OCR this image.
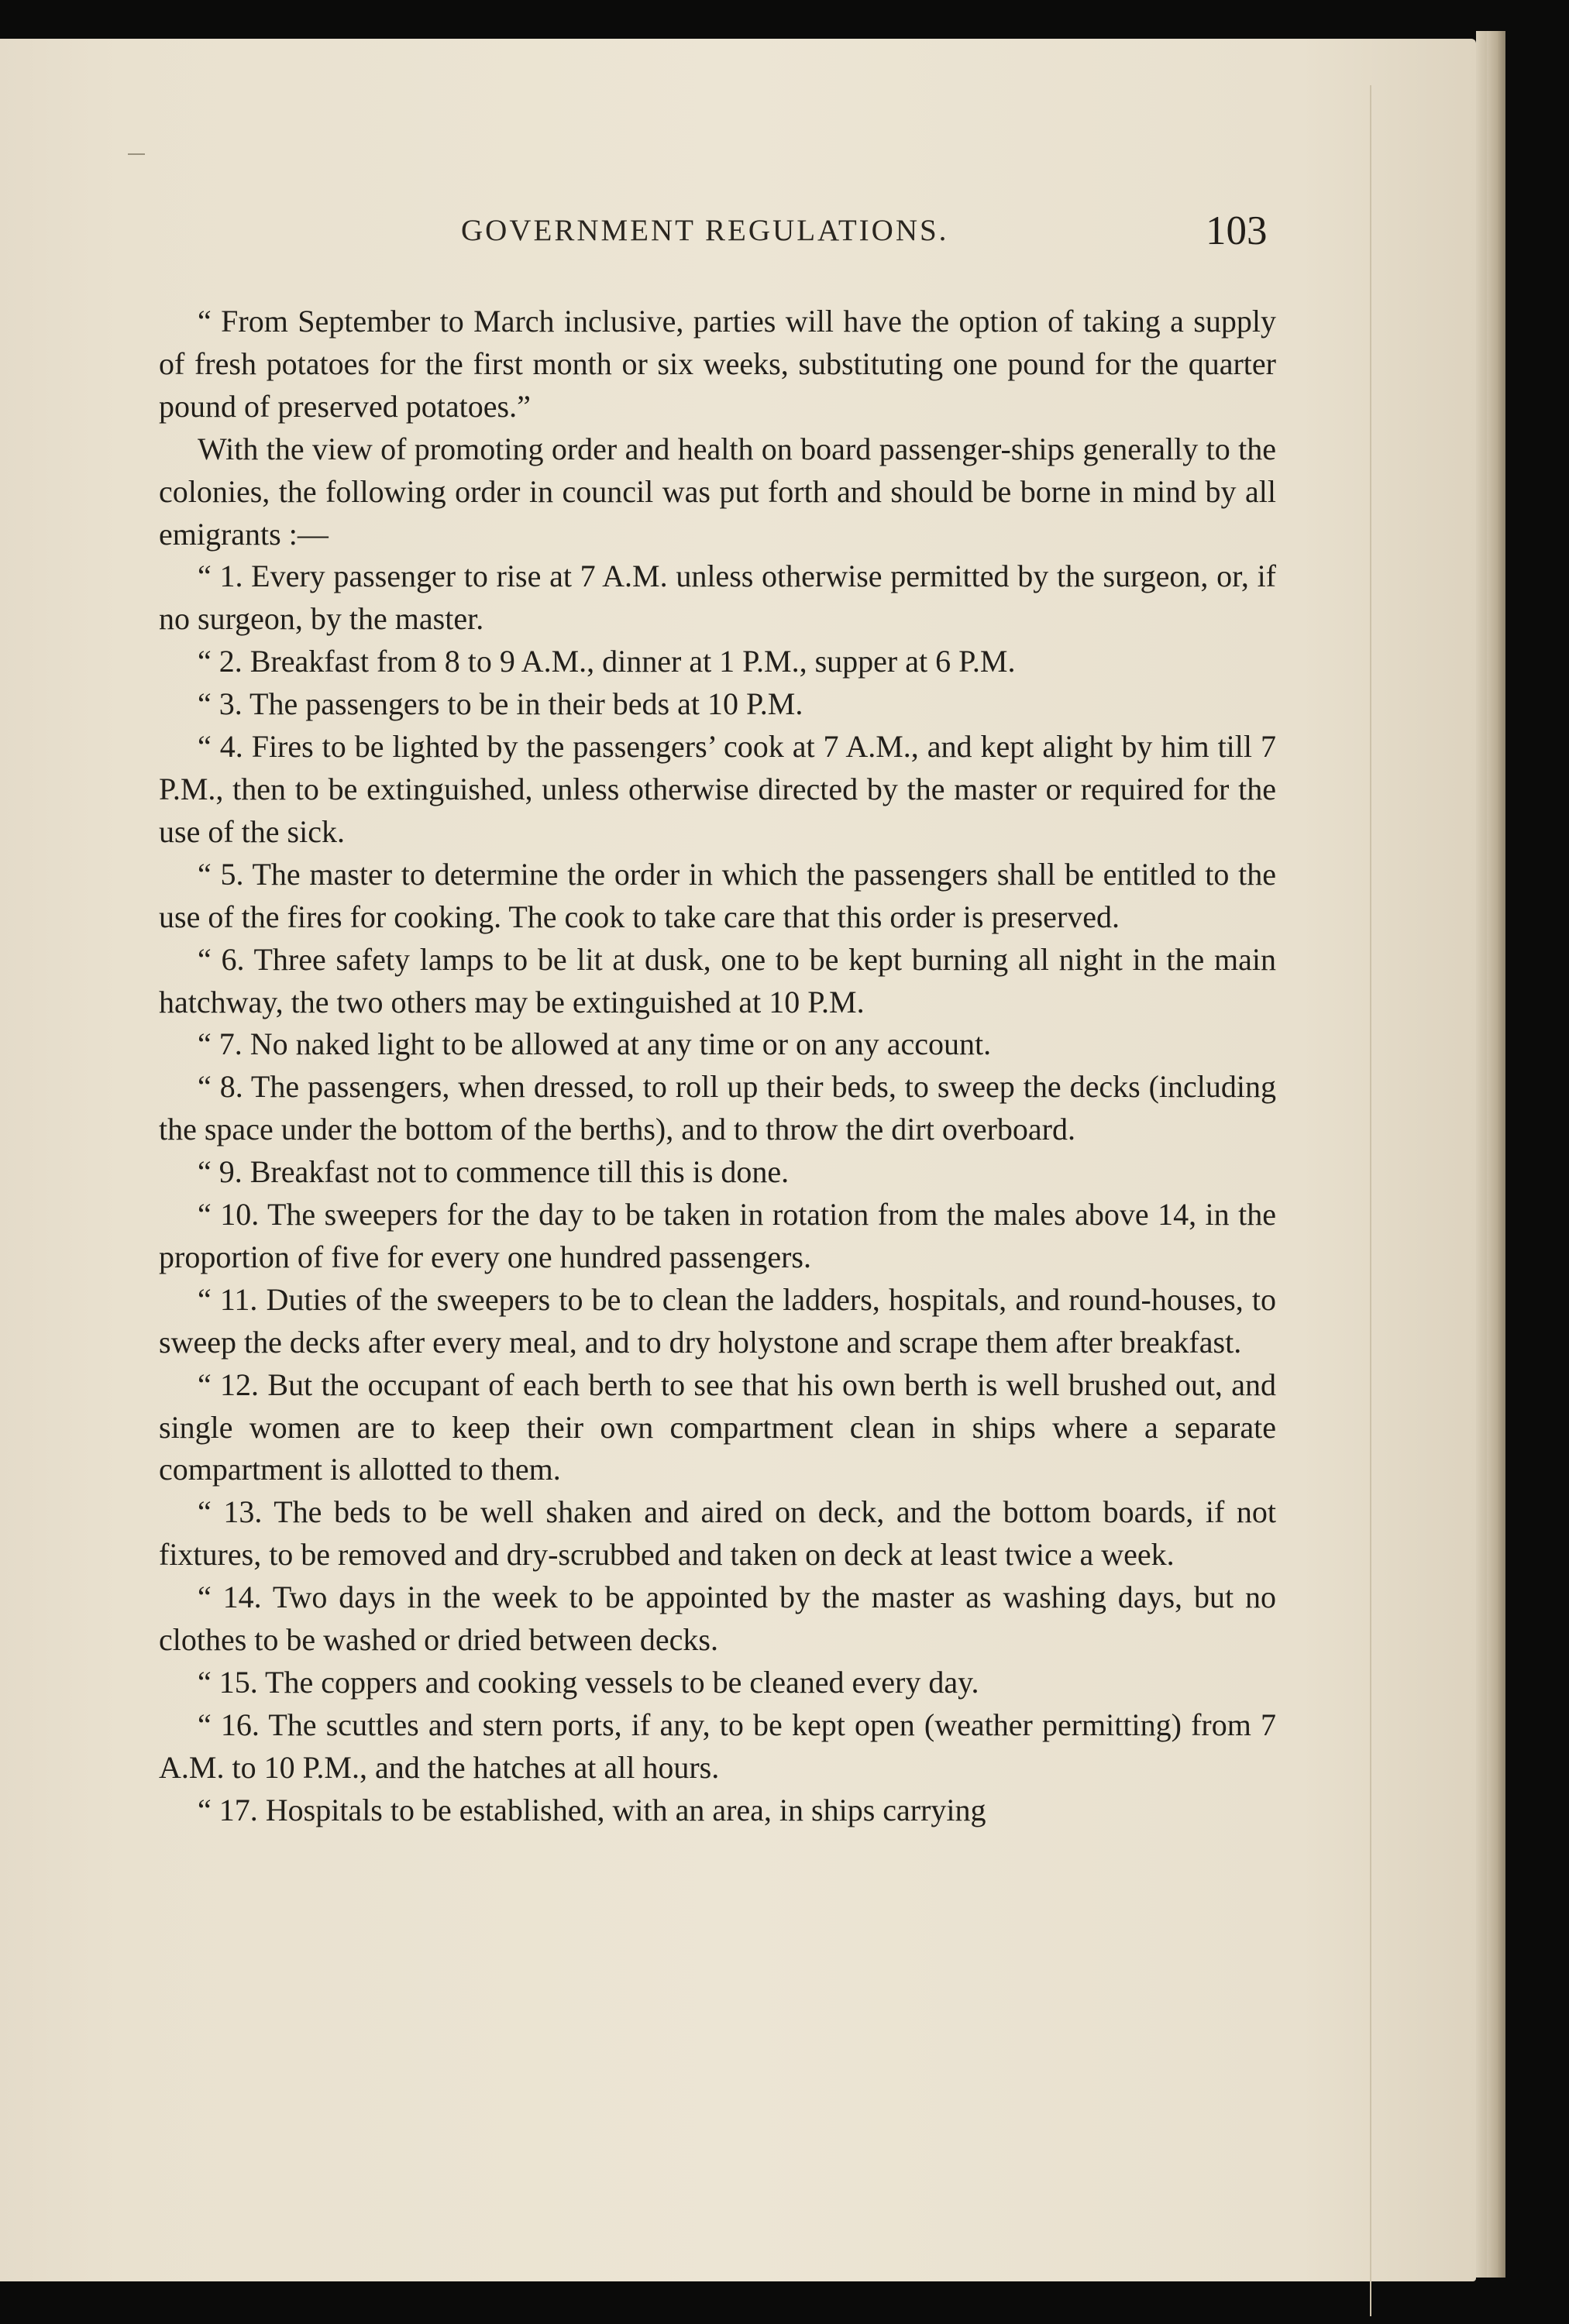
GOVERNMENT REGULATIONS.	103

“ From September to March inclusive, parties will have the option of taking a supply of fresh potatoes for the first month or six weeks, substituting one pound for the quarter pound of preserved potatoes.”

With the view of promoting order and health on board passenger-ships generally to the colonies, the following order in council was put forth and should be borne in mind by all emigrants :—

“ 1. Every passenger to rise at 7 A.M. unless otherwise permitted by the surgeon, or, if no surgeon, by the master.

“ 2. Breakfast from 8 to 9 A.M., dinner at 1 P.M., supper at 6 P.M.

“ 3. The passengers to be in their beds at 10 P.M.

“ 4. Fires to be lighted by the passengers’ cook at 7 A.M., and kept alight by him till 7 P.M., then to be extinguished, unless otherwise directed by the master or required for the use of the sick.

“ 5. The master to determine the order in which the passengers shall be entitled to the use of the fires for cooking. The cook to take care that this order is preserved.

“ 6. Three safety lamps to be lit at dusk, one to be kept burning all night in the main hatchway, the two others may be extinguished at 10 P.M.

“ 7. No naked light to be allowed at any time or on any account.

“ 8. The passengers, when dressed, to roll up their beds, to sweep the decks (including the space under the bottom of the berths), and to throw the dirt overboard.

“ 9. Breakfast not to commence till this is done.

“ 10. The sweepers for the day to be taken in rotation from the males above 14, in the proportion of five for every one hundred passengers.

“ 11. Duties of the sweepers to be to clean the ladders, hospitals, and round-houses, to sweep the decks after every meal, and to dry holystone and scrape them after breakfast.

“ 12. But the occupant of each berth to see that his own berth is well brushed out, and single women are to keep their own compartment clean in ships where a separate compartment is allotted to them.

“ 13. The beds to be well shaken and aired on deck, and the bottom boards, if not fixtures, to be removed and dry-scrubbed and taken on deck at least twice a week.

“ 14. Two days in the week to be appointed by the master as washing days, but no clothes to be washed or dried between decks.

“ 15. The coppers and cooking vessels to be cleaned every day.

“ 16. The scuttles and stern ports, if any, to be kept open (weather permitting) from 7 A.M. to 10 P.M., and the hatches at all hours.

“ 17. Hospitals to be established, with an area, in ships carrying
